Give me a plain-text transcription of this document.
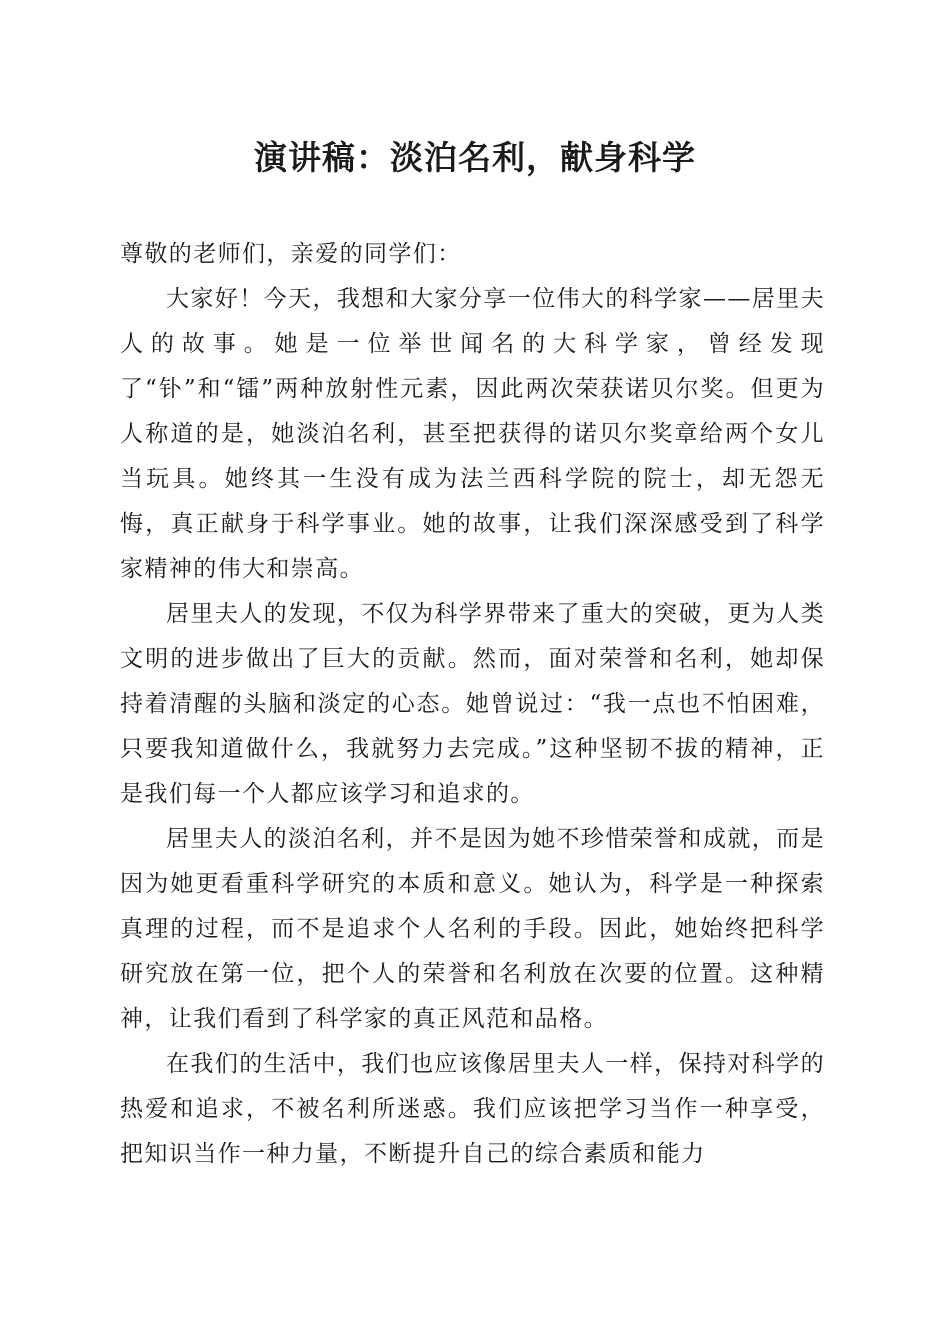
演讲稿：淡泊名利，献身科学

尊敬的老师们，亲爱的同学们：

大家好！今天，我想和大家分享一位伟大的科学家——居里夫人的故事。她是一位举世闻名的大科学家，曾经发现了“钋”和“镭”两种放射性元素，因此两次荣获诺贝尔奖。但更为人称道的是，她淡泊名利，甚至把获得的诺贝尔奖章给两个女儿当玩具。她终其一生没有成为法兰西科学院的院士，却无怨无悔，真正献身于科学事业。她的故事，让我们深深感受到了科学家精神的伟大和崇高。

居里夫人的发现，不仅为科学界带来了重大的突破，更为人类文明的进步做出了巨大的贡献。然而，面对荣誉和名利，她却保持着清醒的头脑和淡定的心态。她曾说过：“我一点也不怕困难，只要我知道做什么，我就努力去完成。”这种坚韧不拔的精神，正是我们每一个人都应该学习和追求的。

居里夫人的淡泊名利，并不是因为她不珍惜荣誉和成就，而是因为她更看重科学研究的本质和意义。她认为，科学是一种探索真理的过程，而不是追求个人名利的手段。因此，她始终把科学研究放在第一位，把个人的荣誉和名利放在次要的位置。这种精神，让我们看到了科学家的真正风范和品格。

在我们的生活中，我们也应该像居里夫人一样，保持对科学的热爱和追求，不被名利所迷惑。我们应该把学习当作一种享受，把知识当作一种力量，不断提升自己的综合素质和能力
